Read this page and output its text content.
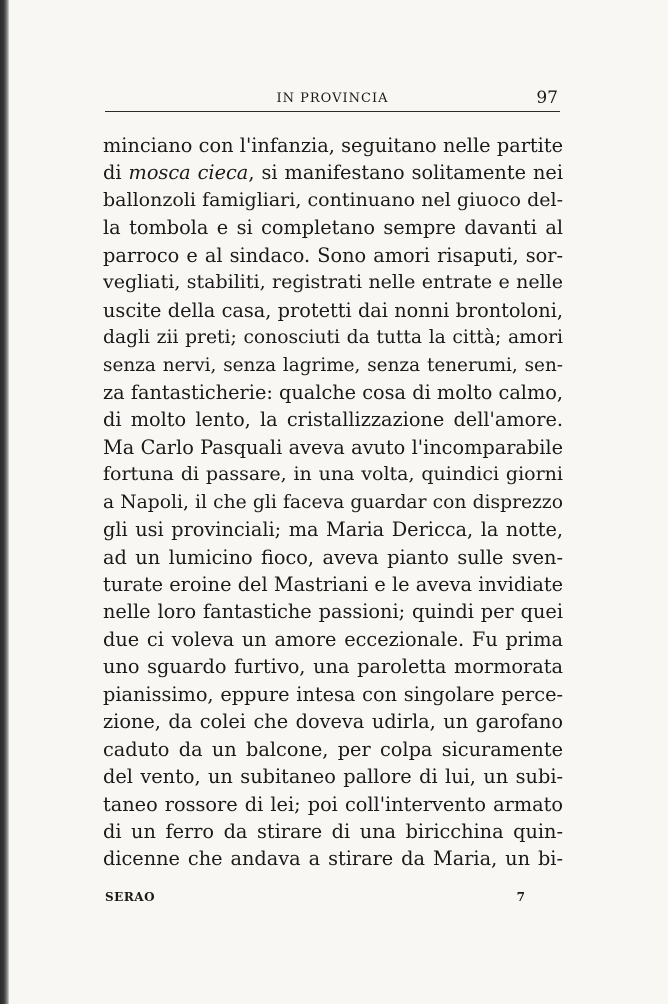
IN PROVINCIA	97
minciano con l'infanzia, seguitano nelle partite
di mosca cieca, si manifestano solitamente nei
ballonzoli famigliari, continuano nel giuoco del-
la tombola e si completano sempre davanti al
parroco e al sindaco. Sono amori risaputi, sor-
vegliati, stabiliti, registrati nelle entrate e nelle
uscite della casa, protetti dai nonni brontoloni,
dagli zii preti; conosciuti da tutta la città; amori
senza nervi, senza lagrime, senza tenerumi, sen-
za fantasticherie: qualche cosa di molto calmo,
di molto lento, la cristallizzazione dell'amore.
Ma Carlo Pasquali aveva avuto l'incomparabile
fortuna di passare, in una volta, quindici giorni
a Napoli, il che gli faceva guardar con disprezzo
gli usi provinciali; ma Maria Dericca, la notte,
ad un lumicino fioco, aveva pianto sulle sven-
turate eroine del Mastriani e le aveva invidiate
nelle loro fantastiche passioni; quindi per quei
due ci voleva un amore eccezionale. Fu prima
uno sguardo furtivo, una paroletta mormorata
pianissimo, eppure intesa con singolare perce-
zione, da colei che doveva udirla, un garofano
caduto da un balcone, per colpa sicuramente
del vento, un subitaneo pallore di lui, un subi-
taneo rossore di lei; poi coll'intervento armato
di un ferro da stirare di una biricchina quin-
dicenne che andava a stirare da Maria, un bi-
SERAO	7
